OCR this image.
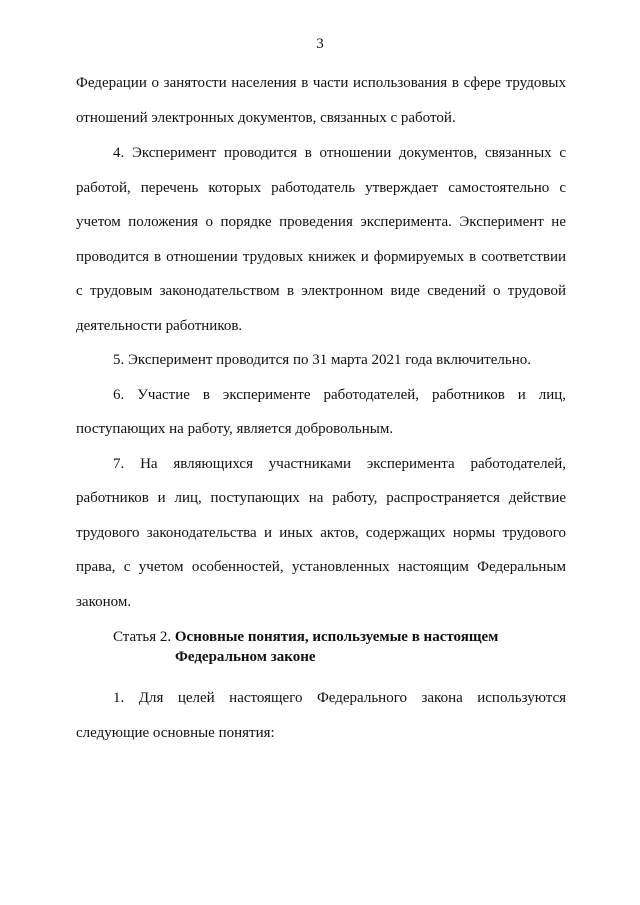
3

Федерации о занятости населения в части использования в сфере трудовых отношений электронных документов, связанных с работой.

4. Эксперимент проводится в отношении документов, связанных с работой, перечень которых работодатель утверждает самостоятельно с учетом положения о порядке проведения эксперимента. Эксперимент не проводится в отношении трудовых книжек и формируемых в соответствии с трудовым законодательством в электронном виде сведений о трудовой деятельности работников.

5. Эксперимент проводится по 31 марта 2021 года включительно.

6. Участие в эксперименте работодателей, работников и лиц, поступающих на работу, является добровольным.

7. На являющихся участниками эксперимента работодателей, работников и лиц, поступающих на работу, распространяется действие трудового законодательства и иных актов, содержащих нормы трудового права, с учетом особенностей, установленных настоящим Федеральным законом.

Статья 2. Основные понятия, используемые в настоящем
Федеральном законе

1. Для целей настоящего Федерального закона используются следующие основные понятия:
